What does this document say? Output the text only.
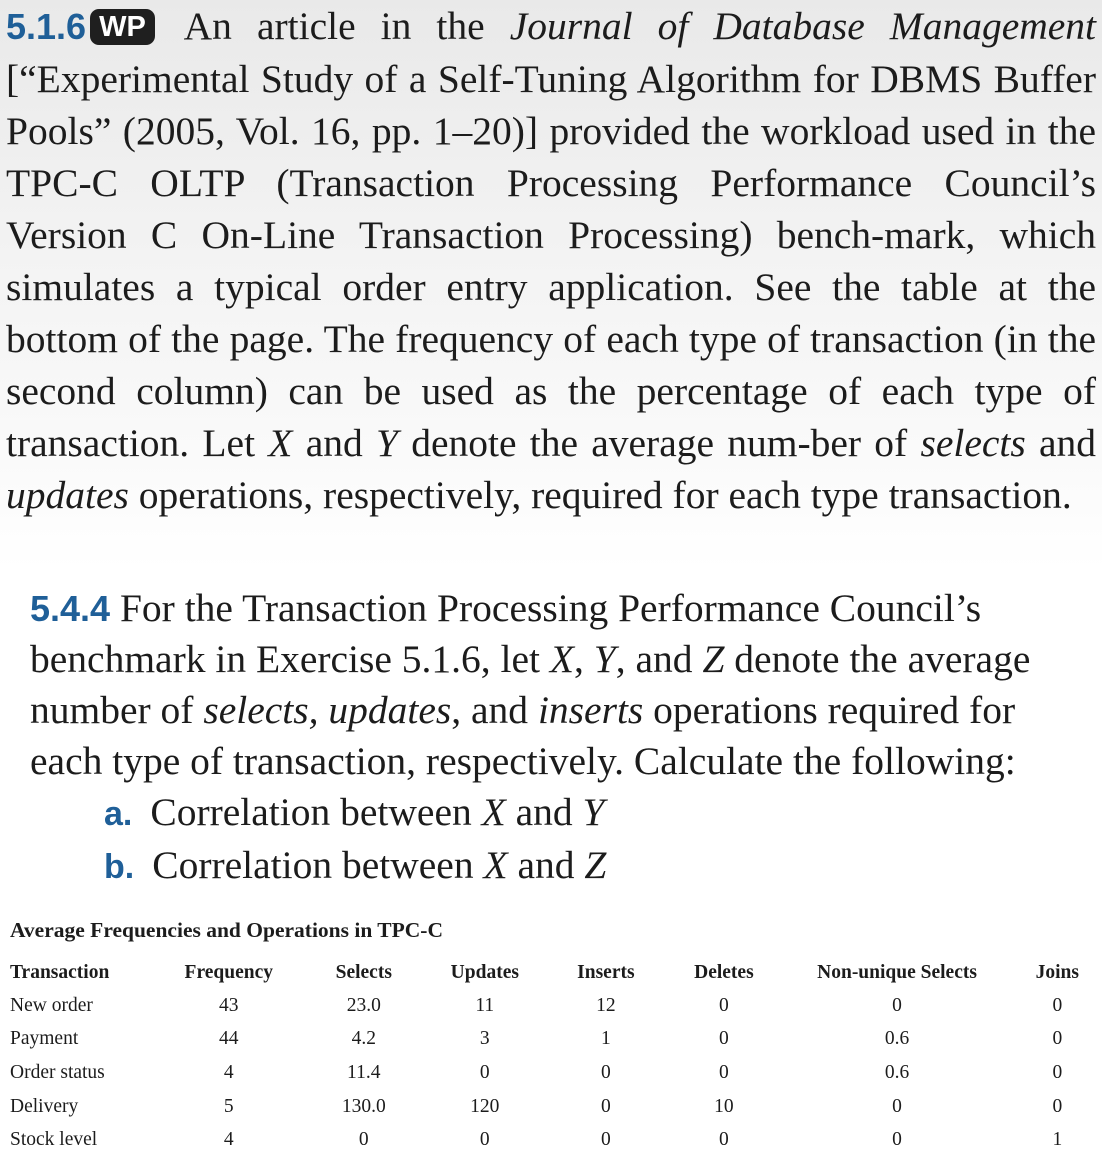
5.1.6 WP An article in the Journal of Database Management [“Experimental Study of a Self-Tuning Algorithm for DBMS Buffer Pools” (2005, Vol. 16, pp. 1–20)] provided the workload used in the TPC-C OLTP (Transaction Processing Performance Council’s Version C On-Line Transaction Processing) bench-mark, which simulates a typical order entry application. See the table at the bottom of the page. The frequency of each type of transaction (in the second column) can be used as the percentage of each type of transaction. Let X and Y denote the average num-ber of selects and updates operations, respectively, required for each type transaction.
5.4.4 For the Transaction Processing Performance Council’s
benchmark in Exercise 5.1.6, let X, Y, and Z denote the average
number of selects, updates, and inserts operations required for
each type of transaction, respectively. Calculate the following:
a. Correlation between X and Y
b. Correlation between X and Z
Average Frequencies and Operations in TPC-C
Transaction	Frequency	Selects	Updates	Inserts	Deletes	Non-unique Selects	Joins
New order	43	23.0	11	12	0	0	0
Payment	44	4.2	3	1	0	0.6	0
Order status	4	11.4	0	0	0	0.6	0
Delivery	5	130.0	120	0	10	0	0
Stock level	4	0	0	0	0	0	1
